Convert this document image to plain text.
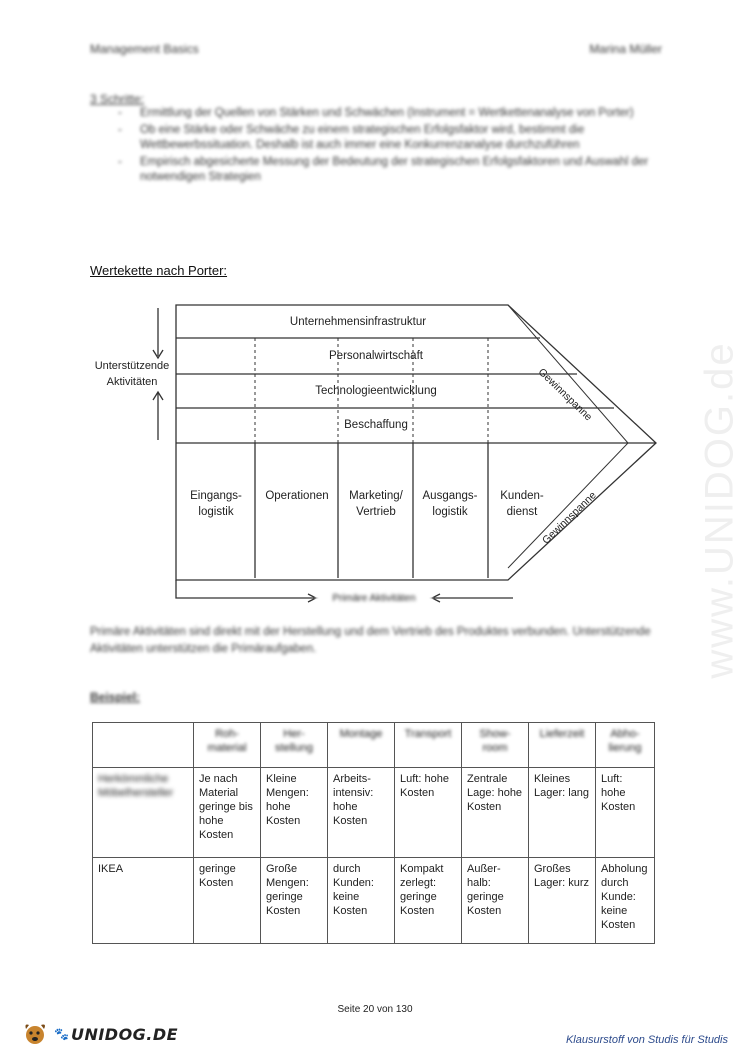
Management Basics	Marina Müller
www.UNIDOG.de
3 Schritte:
- Ermittlung der Quellen von Stärken und Schwächen (Instrument = Wertkettenanalyse von Porter)
- Ob eine Stärke oder Schwäche zu einem strategischen Erfolgsfaktor wird, bestimmt die Wettbewerbssituation. Deshalb ist auch immer eine Konkurrenzanalyse durchzuführen
- Empirisch abgesicherte Messung der Bedeutung der strategischen Erfolgsfaktoren und Auswahl der notwendigen Strategien
Wertekette nach Porter:
Unterstützende Aktivitäten
Unternehmensinfrastruktur
Personalwirtschaft
Technologieentwicklung
Beschaffung
Eingangs- logistik
Operationen	Marketing/ Vertrieb
Ausgangs- logistik
Kunden- dienst
Gewinnspanne
Gewinnspanne
Primäre Aktivitäten
Primäre Aktivitäten sind direkt mit der Herstellung und dem Vertrieb des Produktes verbunden. Unterstützende Aktivitäten unterstützen die Primäraufgaben.
Beispiel:
	Roh- material	Her- stellung	Montage	Transport	Show- room	Lieferzeit	Abho- lierung
Herkömmliche Möbelhersteller	Je nach Material geringe bis hohe Kosten	Kleine Mengen: hohe Kosten	Arbeits- intensiv: hohe Kosten	Luft: hohe Kosten	Zentrale Lage: hohe Kosten	Kleines Lager: lang	Luft: hohe Kosten
IKEA	geringe Kosten	Große Mengen: geringe Kosten	durch Kunden: keine Kosten	Kompakt zerlegt: geringe Kosten	Außer- halb: geringe Kosten	Großes Lager: kurz	Abholung durch Kunde: keine Kosten
Seite 20 von 130
🐾 UNIDOG.DE	Klausurstoff von Studis für Studis
